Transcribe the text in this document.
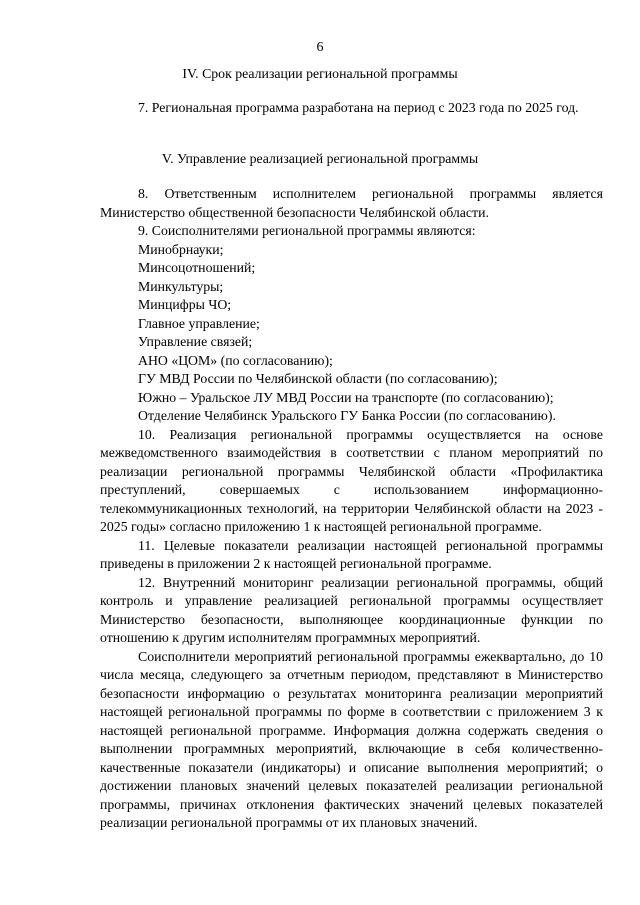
6
IV. Срок реализации региональной программы

7. Региональная программа разработана на период с 2023 года по 2025 год.

V. Управление реализацией региональной программы

8. Ответственным исполнителем региональной программы является Министерство общественной безопасности Челябинской области.

9. Соисполнителями региональной программы являются:

Минобрнауки;

Минсоцотношений;

Минкультуры;

Минцифры ЧО;

Главное управление;

Управление связей;

АНО «ЦОМ» (по согласованию);

ГУ МВД России по Челябинской области (по согласованию);

Южно – Уральское ЛУ МВД России на транспорте (по согласованию);

Отделение Челябинск Уральского ГУ Банка России (по согласованию).

10. Реализация региональной программы осуществляется на основе межведомственного взаимодействия в соответствии с планом мероприятий по реализации региональной программы Челябинской области «Профилактика преступлений, совершаемых с использованием информационно-телекоммуникационных технологий, на территории Челябинской области на 2023 - 2025 годы» согласно приложению 1 к настоящей региональной программе.

11. Целевые показатели реализации настоящей региональной программы приведены в приложении 2 к настоящей региональной программе.

12. Внутренний мониторинг реализации региональной программы, общий контроль и управление реализацией региональной программы осуществляет Министерство безопасности, выполняющее координационные функции по отношению к другим исполнителям программных мероприятий.

Соисполнители мероприятий региональной программы ежеквартально, до 10 числа месяца, следующего за отчетным периодом, представляют в Министерство безопасности информацию о результатах мониторинга реализации мероприятий настоящей региональной программы по форме в соответствии с приложением 3 к настоящей региональной программе. Информация должна содержать сведения о выполнении программных мероприятий, включающие в себя количественно-качественные показатели (индикаторы) и описание выполнения мероприятий; о достижении плановых значений целевых показателей реализации региональной программы, причинах отклонения фактических значений целевых показателей реализации региональной программы от их плановых значений.
